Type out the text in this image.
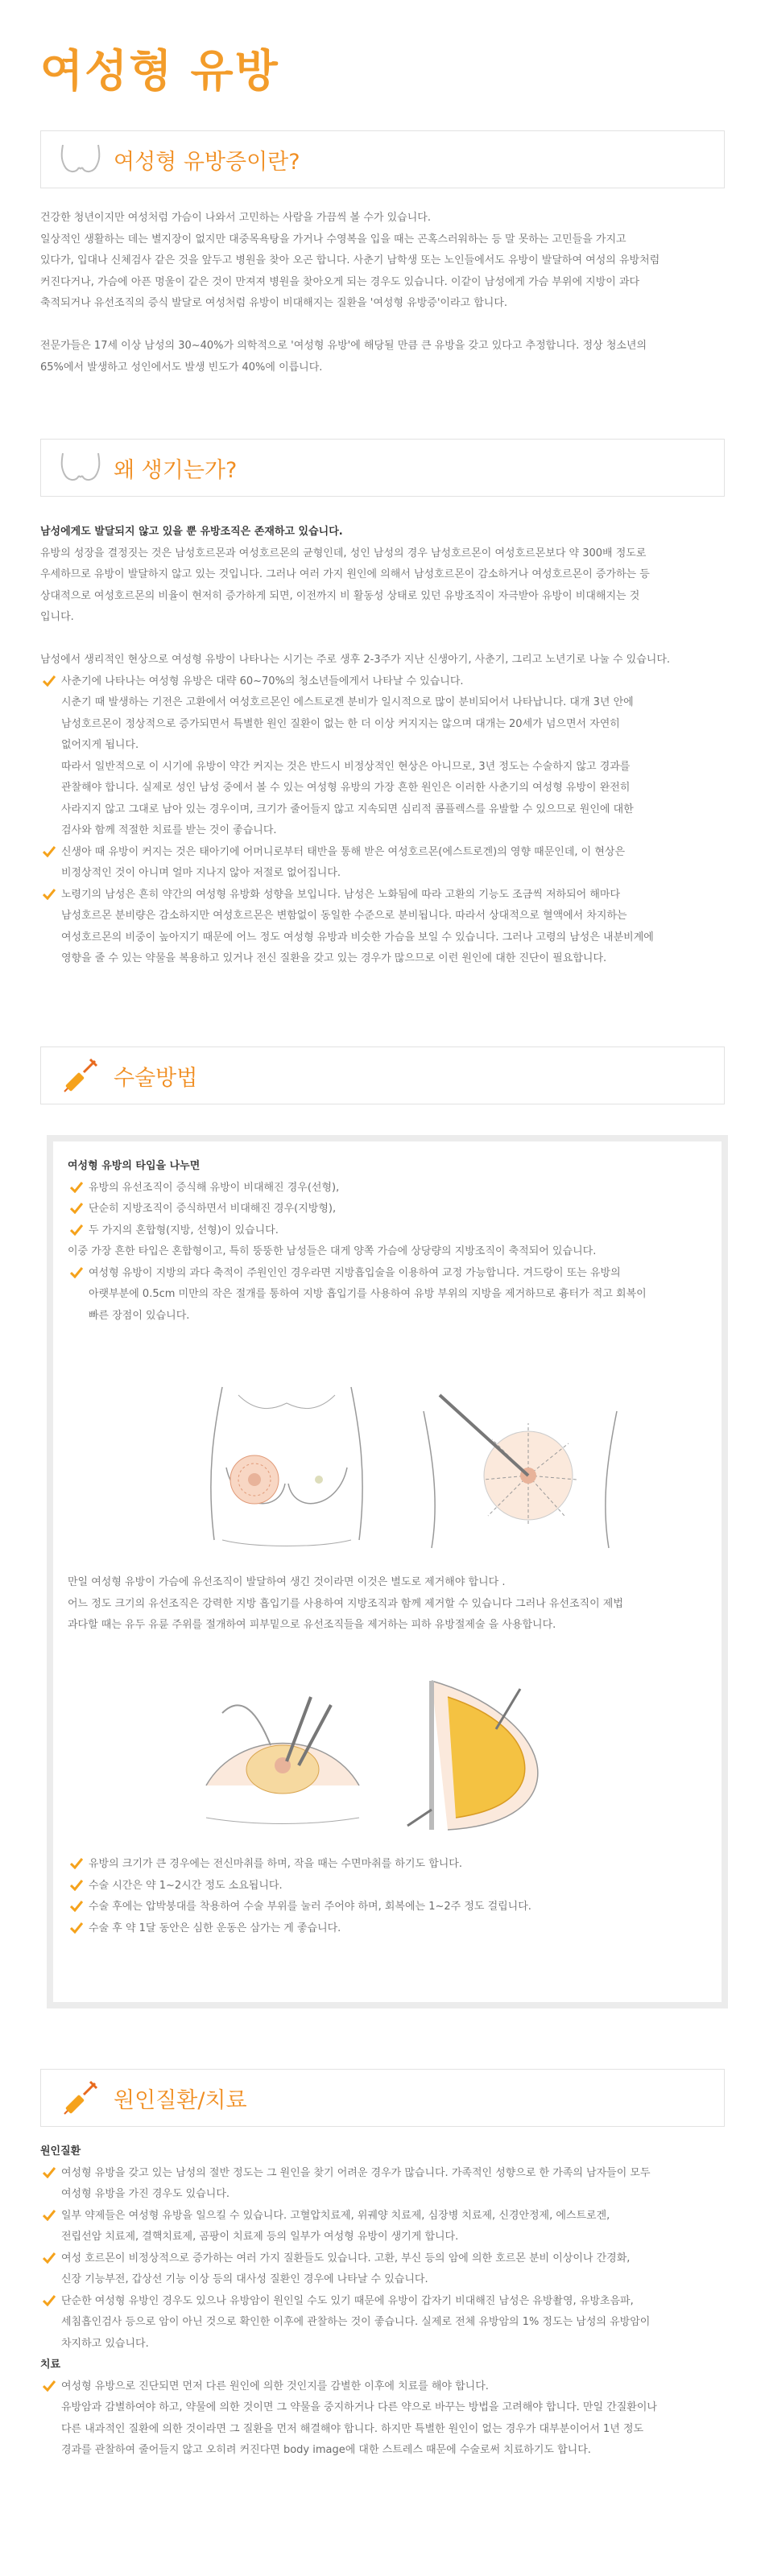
여성형 유방
여성형 유방증이란?

건강한 청년이지만 여성처럼 가슴이 나와서 고민하는 사람을 가끔씩 볼 수가 있습니다.

일상적인 생활하는 데는 별지장이 없지만 대중목욕탕을 가거나 수영복을 입을 때는 곤혹스러워하는 등 말 못하는 고민들을 가지고

있다가, 입대나 신체검사 같은 것을 앞두고 병원을 찾아 오곤 합니다. 사춘기 남학생 또는 노인들에서도 유방이 발달하여 여성의 유방처럼

커진다거나, 가슴에 아픈 멍울이 같은 것이 만져져 병원을 찾아오게 되는 경우도 있습니다. 이같이 남성에게 가슴 부위에 지방이 과다

축적되거나 유선조직의 증식 발달로 여성처럼 유방이 비대해지는 질환을 '여성형 유방증'이라고 합니다.

전문가들은 17세 이상 남성의 30~40%가 의학적으로 '여성형 유방'에 해당될 만큼 큰 유방을 갖고 있다고 추정합니다. 정상 청소년의

65%에서 발생하고 성인에서도 발생 빈도가 40%에 이릅니다.

왜 생기는가?

남성에게도 발달되지 않고 있을 뿐 유방조직은 존재하고 있습니다.

유방의 성장을 결정짓는 것은 남성호르몬과 여성호르몬의 균형인데, 성인 남성의 경우 남성호르몬이 여성호르몬보다 약 300배 정도로

우세하므로 유방이 발달하지 않고 있는 것입니다. 그러나 여러 가지 원인에 의해서 남성호르몬이 감소하거나 여성호르몬이 증가하는 등

상대적으로 여성호르몬의 비율이 현저히 증가하게 되면, 이전까지 비 활동성 상태로 있던 유방조직이 자극받아 유방이 비대해지는 것

입니다.

남성에서 생리적인 현상으로 여성형 유방이 나타나는 시기는 주로 생후 2-3주가 지난 신생아기, 사춘기, 그리고 노년기로 나눌 수 있습니다.

사춘기에 나타나는 여성형 유방은 대략 60~70%의 청소년들에게서 나타날 수 있습니다.

시춘기 때 발생하는 기전은 고환에서 여성호르몬인 에스트로겐 분비가 일시적으로 많이 분비되어서 나타납니다. 대개 3년 안에

남성호르몬이 정상적으로 증가되면서 특별한 원인 질환이 없는 한 더 이상 커지지는 않으며 대개는 20세가 넘으면서 자연히

없어지게 됩니다.

따라서 일반적으로 이 시기에 유방이 약간 커지는 것은 반드시 비정상적인 현상은 아니므로, 3년 정도는 수술하지 않고 경과를

관찰해야 합니다. 실제로 성인 남성 중에서 볼 수 있는 여성형 유방의 가장 흔한 원인은 이러한 사춘기의 여성형 유방이 완전히

사라지지 않고 그대로 남아 있는 경우이며, 크기가 줄어들지 않고 지속되면 심리적 콤플렉스를 유발할 수 있으므로 원인에 대한

검사와 함께 적절한 치료를 받는 것이 좋습니다.

신생아 때 유방이 커지는 것은 태아기에 어머니로부터 태반을 통해 받은 여성호르몬(에스트로겐)의 영향 때문인데, 이 현상은

비정상적인 것이 아니며 얼마 지나지 않아 저절로 없어집니다.

노령기의 남성은 흔히 약간의 여성형 유방화 성향을 보입니다. 남성은 노화됨에 따라 고환의 기능도 조금씩 저하되어 해마다

남성호르몬 분비량은 감소하지만 여성호르몬은 변함없이 동일한 수준으로 분비됩니다. 따라서 상대적으로 혈액에서 차지하는

여성호르몬의 비중이 높아지기 때문에 어느 정도 여성형 유방과 비슷한 가슴을 보일 수 있습니다. 그러나 고령의 남성은 내분비계에

영향을 줄 수 있는 약물을 복용하고 있거나 전신 질환을 갖고 있는 경우가 많으므로 이런 원인에 대한 진단이 필요합니다.

수술방법

여성형 유방의 타입을 나누면

유방의 유선조직이 증식해 유방이 비대해진 경우(선형),

단순히 지방조직이 증식하면서 비대해진 경우(지방형),

두 가지의 혼합형(지방, 선형)이 있습니다.

이중 가장 흔한 타입은 혼합형이고, 특히 뚱뚱한 남성들은 대게 양쪽 가슴에 상당량의 지방조직이 축적되어 있습니다.

여성형 유방이 지방의 과다 축적이 주원인인 경우라면 지방흡입술을 이용하여 교정 가능합니다. 겨드랑이 또는 유방의

아랫부분에 0.5cm 미만의 작은 절개를 통하여 지방 흡입기를 사용하여 유방 부위의 지방을 제거하므로 흉터가 적고 회복이

빠른 장점이 있습니다.

만일 여성형 유방이 가슴에 유선조직이 발달하여 생긴 것이라면 이것은 별도로 제거해야 합니다 .

어느 정도 크기의 유선조직은 강력한 지방 흡입기를 사용하여 지방조직과 함께 제거할 수 있습니다 그러나 유선조직이 제법

과다할 때는 유두 유륜 주위를 절개하여 피부밑으로 유선조직들을 제거하는 피하 유방절제술 을 사용합니다.

유방의 크기가 큰 경우에는 전신마취를 하며, 작을 때는 수면마취를 하기도 합니다.

수술 시간은 약 1~2시간 정도 소요됩니다.

수술 후에는 압박붕대를 착용하여 수술 부위를 눌러 주어야 하며, 회복에는 1~2주 정도 걸립니다.

수술 후 약 1달 동안은 심한 운동은 삼가는 게 좋습니다.

원인질환/치료

원인질환

여성형 유방을 갖고 있는 남성의 절반 정도는 그 원인을 찾기 어려운 경우가 많습니다. 가족적인 성향으로 한 가족의 남자들이 모두

여성형 유방을 가진 경우도 있습니다.

일부 약제들은 여성형 유방을 일으킬 수 있습니다. 고혈압치료제, 위궤양 치료제, 심장병 치료제, 신경안정제, 에스트로겐,

전립선암 치료제, 결핵치료제, 곰팡이 치료제 등의 일부가 여성형 유방이 생기게 합니다.

여성 호르몬이 비정상적으로 증가하는 여러 가지 질환들도 있습니다. 고환, 부신 등의 암에 의한 호르몬 분비 이상이나 간경화,

신장 기능부전, 갑상선 기능 이상 등의 대사성 질환인 경우에 나타날 수 있습니다.

단순한 여성형 유방인 경우도 있으나 유방암이 원인일 수도 있기 때문에 유방이 갑자기 비대해진 남성은 유방촬영, 유방초음파,

세침흡인검사 등으로 암이 아닌 것으로 확인한 이후에 관찰하는 것이 좋습니다. 실제로 전체 유방암의 1% 정도는 남성의 유방암이

차지하고 있습니다.

치료

여성형 유방으로 진단되면 먼저 다른 원인에 의한 것인지를 감별한 이후에 치료를 해야 합니다.

유방암과 감별하여야 하고, 약물에 의한 것이면 그 약물을 중지하거나 다른 약으로 바꾸는 방법을 고려해야 합니다. 만일 간질환이나

다른 내과적인 질환에 의한 것이라면 그 질환을 먼저 해결해야 합니다. 하지만 특별한 원인이 없는 경우가 대부분이어서 1년 정도

경과를 관찰하여 줄어들지 않고 오히려 커진다면 body image에 대한 스트레스 때문에 수술로써 치료하기도 합니다.
